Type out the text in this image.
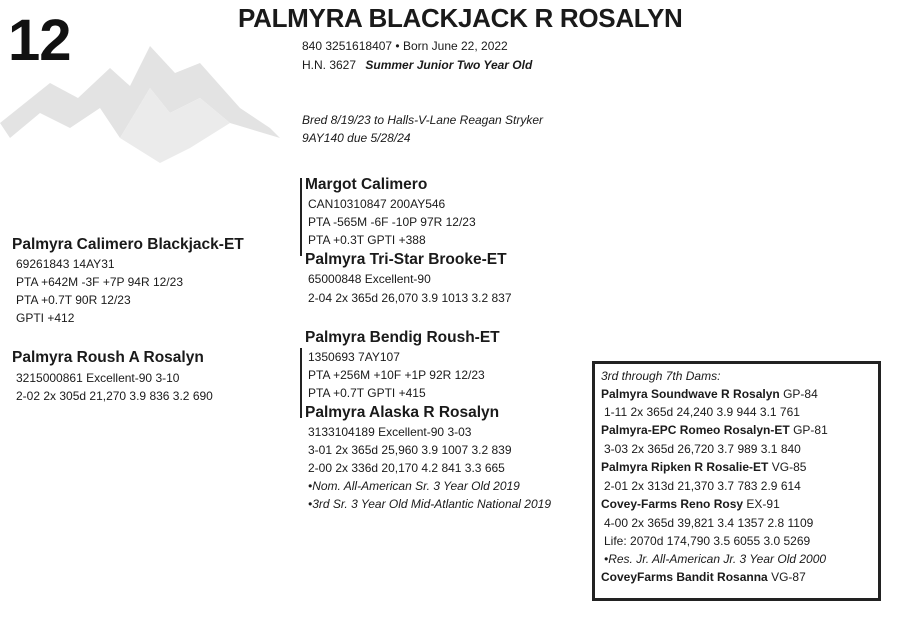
12	PALMYRA BLACKJACK R ROSALYN
840 3251618407 • Born June 22, 2022
H.N. 3627 Summer Junior Two Year Old
Bred 8/19/23 to Halls-V-Lane Reagan Stryker
9AY140 due 5/28/24
Palmyra Calimero Blackjack-ET
69261843 14AY31
PTA +642M -3F +7P 94R 12/23
PTA +0.7T 90R 12/23
GPTI +412
Palmyra Roush A Rosalyn
3215000861 Excellent-90 3-10
2-02 2x 305d 21,270 3.9 836 3.2 690
Margot Calimero
CAN10310847 200AY546
PTA -565M -6F -10P 97R 12/23
PTA +0.3T GPTI +388
Palmyra Tri-Star Brooke-ET
65000848 Excellent-90
2-04 2x 365d 26,070 3.9 1013 3.2 837
Palmyra Bendig Roush-ET
1350693 7AY107
PTA +256M +10F +1P 92R 12/23
PTA +0.7T GPTI +415
Palmyra Alaska R Rosalyn
3133104189 Excellent-90 3-03
3-01 2x 365d 25,960 3.9 1007 3.2 839
2-00 2x 336d 20,170 4.2 841 3.3 665
•Nom. All-American Sr. 3 Year Old 2019
•3rd Sr. 3 Year Old Mid-Atlantic National 2019
3rd through 7th Dams:
Palmyra Soundwave R Rosalyn GP-84
1-11 2x 365d 24,240 3.9 944 3.1 761
Palmyra-EPC Romeo Rosalyn-ET GP-81
3-03 2x 365d 26,720 3.7 989 3.1 840
Palmyra Ripken R Rosalie-ET VG-85
2-01 2x 313d 21,370 3.7 783 2.9 614
Covey-Farms Reno Rosy EX-91
4-00 2x 365d 39,821 3.4 1357 2.8 1109
Life: 2070d 174,790 3.5 6055 3.0 5269
•Res. Jr. All-American Jr. 3 Year Old 2000
CoveyFarms Bandit Rosanna VG-87
